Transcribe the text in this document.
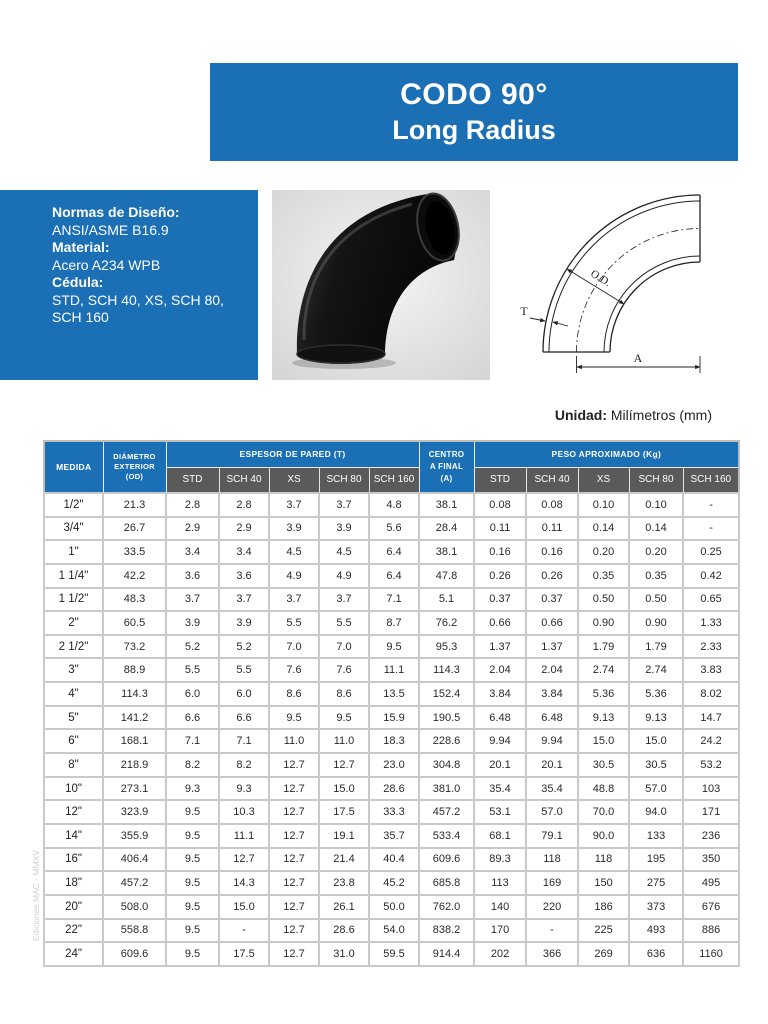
CODO 90°
Long Radius
Normas de Diseño:
ANSI/ASME B16.9
Material:
Acero A234 WPB
Cédula:
STD, SCH 40, XS, SCH 80,
SCH 160
O.D.
T
A
Unidad: Milímetros (mm)
MEDIDA	DIÁMETRO
EXTERIOR
(OD)	ESPESOR DE PARED (T)					CENTRO
A FINAL
(A)	PESO APROXIMADO (Kg)				
		STD	SCH 40	XS	SCH 80	SCH 160		STD	SCH 40	XS	SCH 80	SCH 160
1/2"	21.3	2.8	2.8	3.7	3.7	4.8	38.1	0.08	0.08	0.10	0.10	-
3/4"	26.7	2.9	2.9	3.9	3.9	5.6	28.4	0.11	0.11	0.14	0.14	-
1"	33.5	3.4	3.4	4.5	4.5	6.4	38.1	0.16	0.16	0.20	0.20	0.25
1 1/4"	42.2	3.6	3.6	4.9	4.9	6.4	47.8	0.26	0.26	0.35	0.35	0.42
1 1/2"	48.3	3.7	3.7	3.7	3.7	7.1	5.1	0.37	0.37	0.50	0.50	0.65
2"	60.5	3.9	3.9	5.5	5.5	8.7	76.2	0.66	0.66	0.90	0.90	1.33
2 1/2"	73.2	5.2	5.2	7.0	7.0	9.5	95.3	1.37	1.37	1.79	1.79	2.33
3"	88.9	5.5	5.5	7.6	7.6	11.1	114.3	2.04	2.04	2.74	2.74	3.83
4"	114.3	6.0	6.0	8.6	8.6	13.5	152.4	3.84	3.84	5.36	5.36	8.02
5"	141.2	6.6	6.6	9.5	9.5	15.9	190.5	6.48	6.48	9.13	9.13	14.7
6"	168.1	7.1	7.1	11.0	11.0	18.3	228.6	9.94	9.94	15.0	15.0	24.2
8"	218.9	8.2	8.2	12.7	12.7	23.0	304.8	20.1	20.1	30.5	30.5	53.2
10"	273.1	9.3	9.3	12.7	15.0	28.6	381.0	35.4	35.4	48.8	57.0	103
12"	323.9	9.5	10.3	12.7	17.5	33.3	457.2	53.1	57.0	70.0	94.0	171
14"	355.9	9.5	11.1	12.7	19.1	35.7	533.4	68.1	79.1	90.0	133	236
16"	406.4	9.5	12.7	12.7	21.4	40.4	609.6	89.3	118	118	195	350
18"	457.2	9.5	14.3	12.7	23.8	45.2	685.8	113	169	150	275	495
20"	508.0	9.5	15.0	12.7	26.1	50.0	762.0	140	220	186	373	676
22"	558.8	9.5	-	12.7	28.6	54.0	838.2	170	-	225	493	886
24"	609.6	9.5	17.5	12.7	31.0	59.5	914.4	202	366	269	636	1160
Ediciones MAC - MMXV
